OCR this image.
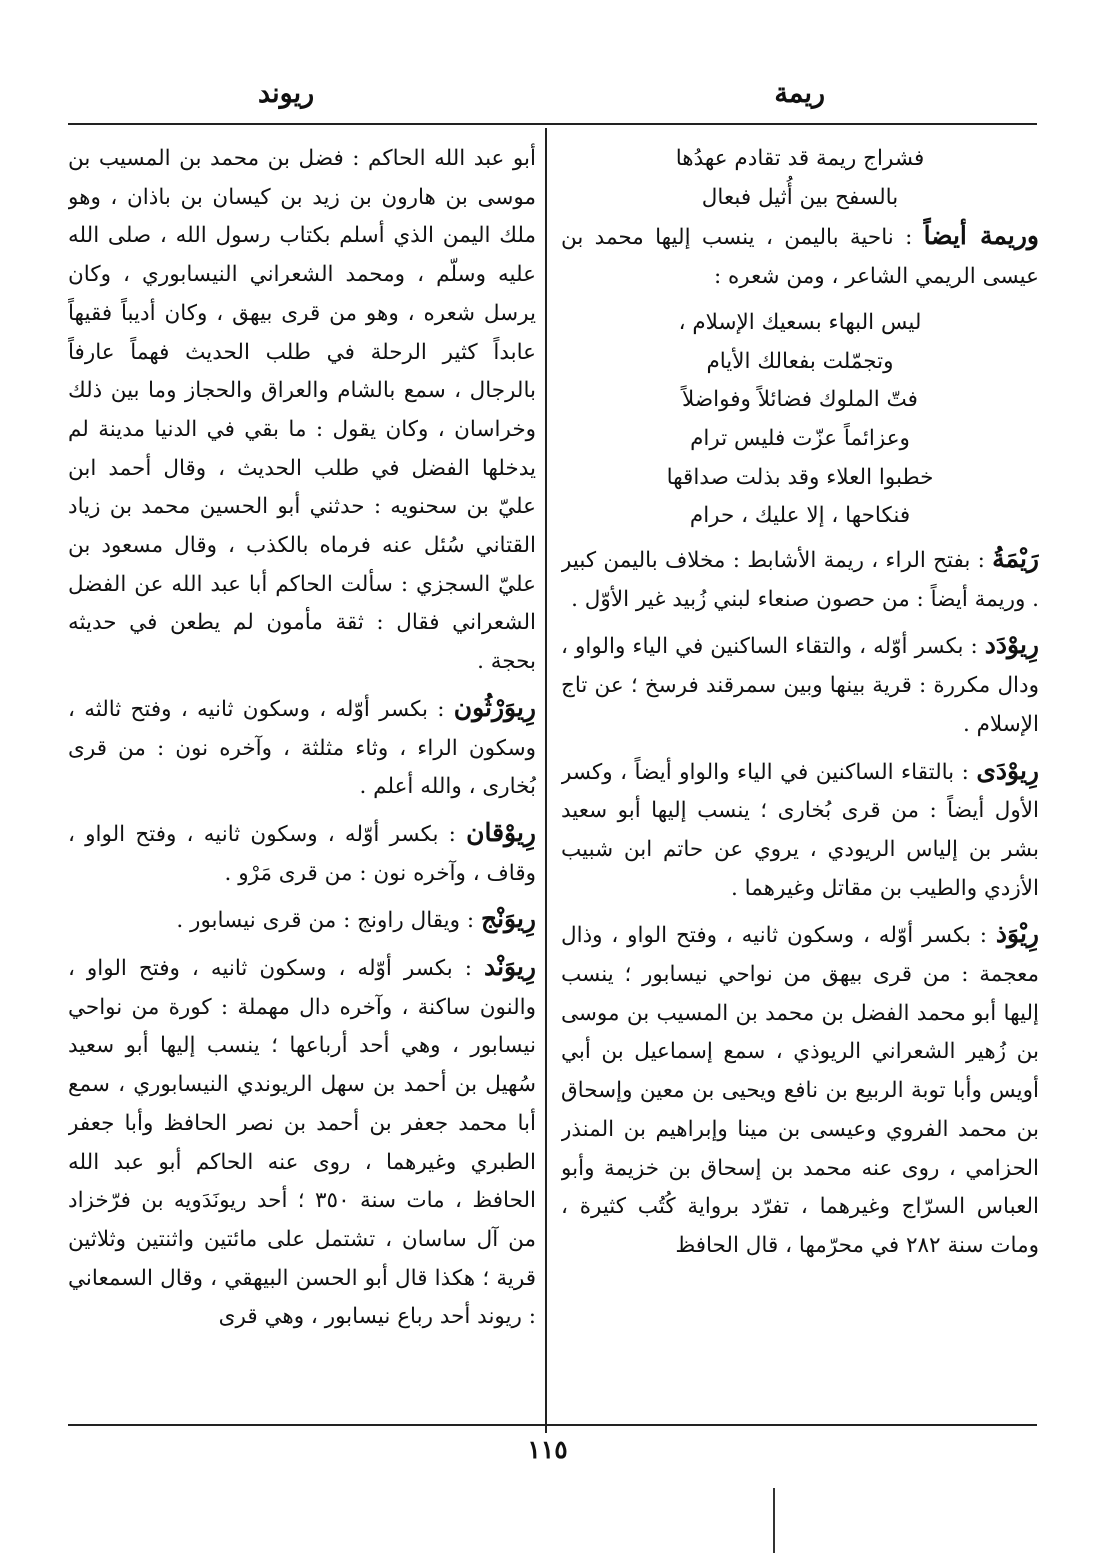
ريمة
ريوند

فشراج ريمة قد تقادم عهدُها

بالسفح بين أُثيل فبعال

وريمة أيضاً : ناحية باليمن ، ينسب إليها محمد بن عيسى الريمي الشاعر ، ومن شعره :

ليس البهاء بسعيك الإسلام ،

وتجمّلت بفعالك الأيام

فتّ الملوك فضائلاً وفواضلاً

وعزائماً عزّت فليس ترام

خطبوا العلاء وقد بذلت صداقها

فنكاحها ، إلا عليك ، حرام

رَيْمَةُ : بفتح الراء ، ريمة الأشابط : مخلاف باليمن كبير . وريمة أيضاً : من حصون صنعاء لبني زُبيد غير الأوّل .

رِيوْدَد : بكسر أوّله ، والتقاء الساكنين في الياء والواو ، ودال مكررة : قرية بينها وبين سمرقند فرسخ ؛ عن تاج الإسلام .

رِيوْدَى : بالتقاء الساكنين في الياء والواو أيضاً ، وكسر الأول أيضاً : من قرى بُخارى ؛ ينسب إليها أبو سعيد بشر بن إلياس الريودي ، يروي عن حاتم ابن شبيب الأزدي والطيب بن مقاتل وغيرهما .

رِيْوَذ : بكسر أوّله ، وسكون ثانيه ، وفتح الواو ، وذال معجمة : من قرى بيهق من نواحي نيسابور ؛ ينسب إليها أبو محمد الفضل بن محمد بن المسيب بن موسى بن زُهير الشعراني الريوذي ، سمع إسماعيل بن أبي أويس وأبا توبة الربيع بن نافع ويحيى بن معين وإسحاق بن محمد الفروي وعيسى بن مينا وإبراهيم بن المنذر الحزامي ، روى عنه محمد بن إسحاق بن خزيمة وأبو العباس السرّاج وغيرهما ، تفرّد برواية كُتُب كثيرة ، ومات سنة ٢٨٢ في محرّمها ، قال الحافظ

أبو عبد الله الحاكم : فضل بن محمد بن المسيب بن موسى بن هارون بن زيد بن كيسان بن باذان ، وهو ملك اليمن الذي أسلم بكتاب رسول الله ، صلى الله عليه وسلّم ، ومحمد الشعراني النيسابوري ، وكان يرسل شعره ، وهو من قرى بيهق ، وكان أديباً فقيهاً عابداً كثير الرحلة في طلب الحديث فهماً عارفاً بالرجال ، سمع بالشام والعراق والحجاز وما بين ذلك وخراسان ، وكان يقول : ما بقي في الدنيا مدينة لم يدخلها الفضل في طلب الحديث ، وقال أحمد ابن عليّ بن سحنويه : حدثني أبو الحسين محمد بن زياد القتاني سُئل عنه فرماه بالكذب ، وقال مسعود بن عليّ السجزي : سألت الحاكم أبا عبد الله عن الفضل الشعراني فقال : ثقة مأمون لم يطعن في حديثه بحجة .

رِيوَرْثُون : بكسر أوّله ، وسكون ثانيه ، وفتح ثالثه ، وسكون الراء ، وثاء مثلثة ، وآخره نون : من قرى بُخارى ، والله أعلم .

رِيوْقان : بكسر أوّله ، وسكون ثانيه ، وفتح الواو ، وقاف ، وآخره نون : من قرى مَرْو .

رِيوَنْج : ويقال راونج : من قرى نيسابور .

رِيوَنْد : بكسر أوّله ، وسكون ثانيه ، وفتح الواو ، والنون ساكنة ، وآخره دال مهملة : كورة من نواحي نيسابور ، وهي أحد أرباعها ؛ ينسب إليها أبو سعيد سُهيل بن أحمد بن سهل الريوندي النيسابوري ، سمع أبا محمد جعفر بن أحمد بن نصر الحافظ وأبا جعفر الطبري وغيرهما ، روى عنه الحاكم أبو عبد الله الحافظ ، مات سنة ٣٥٠ ؛ أحد ريونَدَويه بن فرّخزاد من آل ساسان ، تشتمل على مائتين واثنتين وثلاثين قرية ؛ هكذا قال أبو الحسن البيهقي ، وقال السمعاني : ريوند أحد رباع نيسابور ، وهي قرى

١١٥
